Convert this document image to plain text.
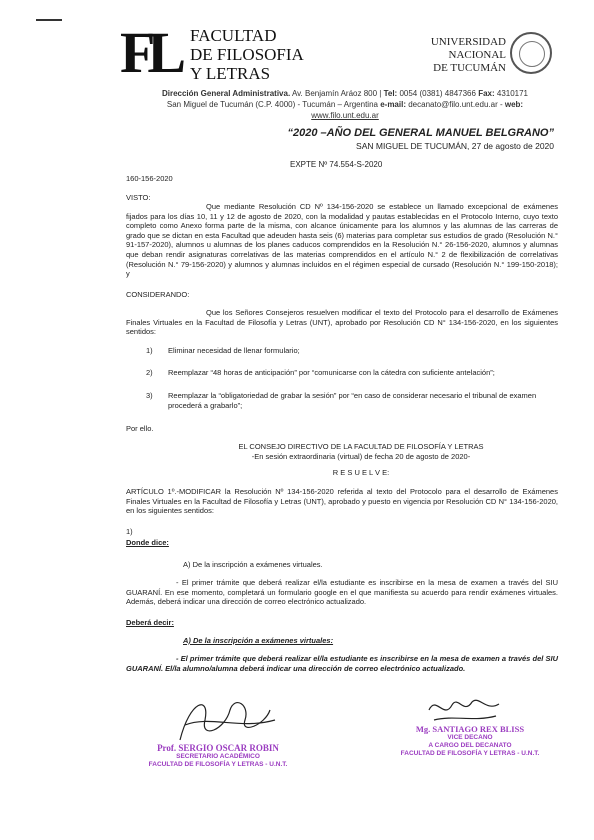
FL FACULTAD
DE FILOSOFIA
Y LETRAS
UNIVERSIDAD
NACIONAL
DE TUCUMÁN
Dirección General Administrativa. Av. Benjamín Aráoz 800 | Tel: 0054 (0381) 4847366 Fax: 4310171
San Miguel de Tucumán (C.P. 4000) - Tucumán – Argentina e-mail: decanato@filo.unt.edu.ar - web:
www.filo.unt.edu.ar
“2020 –AÑO DEL GENERAL MANUEL BELGRANO”
SAN MIGUEL DE TUCUMÁN, 27 de agosto de 2020
EXPTE Nº 74.554-S-2020
160-156-2020
VISTO:
Que mediante Resolución CD Nº 134-156-2020 se establece un llamado excepcional de exámenes fijados para los días 10, 11 y 12 de agosto de 2020, con la modalidad y pautas establecidas en el Protocolo Interno, cuyo texto completo como Anexo forma parte de la misma, con alcance únicamente para los alumnos y las alumnas de las carreras de grado que se dictan en esta Facultad que adeuden hasta seis (6) materias para completar sus estudios de grado (Resolución N.° 91-157-2020), alumnos u alumnas de los planes caducos comprendidos en la Resolución N.° 26-156-2020, alumnos y alumnas que deban rendir asignaturas correlativas de las materias comprendidos en el artículo N.° 2 de flexibilización de correlativas (Resolución N.° 79-156-2020) y alumnos y alumnas incluidos en el régimen especial de cursado (Resolución N.° 199-150-2018); y
CONSIDERANDO:
Que los Señores Consejeros resuelven modificar el texto del Protocolo para el desarrollo de Exámenes Finales Virtuales en la Facultad de Filosofía y Letras (UNT), aprobado por Resolución CD N° 134-156-2020, en los siguientes sentidos:
1) Eliminar necesidad de llenar formulario;
2) Reemplazar “48 horas de anticipación” por “comunicarse con la cátedra con suficiente antelación”;
3) Reemplazar la “obligatoriedad de grabar la sesión” por “en caso de considerar necesario el tribunal de examen procederá a grabarlo”;
Por ello.
EL CONSEJO DIRECTIVO DE LA FACULTAD DE FILOSOFÍA Y LETRAS
-En sesión extraordinaria (virtual) de fecha 20 de agosto de 2020-
R E S U E L V E:
ARTÍCULO 1º.-MODIFICAR la Resolución Nº 134-156-2020 referida al texto del Protocolo para el desarrollo de Exámenes Finales Virtuales en la Facultad de Filosofía y Letras (UNT), aprobado y puesto en vigencia por Resolución CD N° 134-156-2020, en los siguientes sentidos:
1)
Donde dice:
A) De la inscripción a exámenes virtuales.
- El primer trámite que deberá realizar el/la estudiante es inscribirse en la mesa de examen a través del SIU GUARANÍ. En ese momento, completará un formulario google en el que manifiesta su acuerdo para rendir exámenes virtuales. Además, deberá indicar una dirección de correo electrónico actualizado.
Deberá decir:
A) De la inscripción a exámenes virtuales:
- El primer trámite que deberá realizar el/la estudiante es inscribirse en la mesa de examen a través del SIU GUARANÍ. El/la alumno/alumna deberá indicar una dirección de correo electrónico actualizado.
Prof. SERGIO OSCAR ROBIN
SECRETARIO ACADÉMICO
FACULTAD DE FILOSOFÍA Y LETRAS - U.N.T.
Mg. SANTIAGO REX BLISS
VICE DECANO
A CARGO DEL DECANATO
FACULTAD DE FILOSOFÍA Y LETRAS - U.N.T.
